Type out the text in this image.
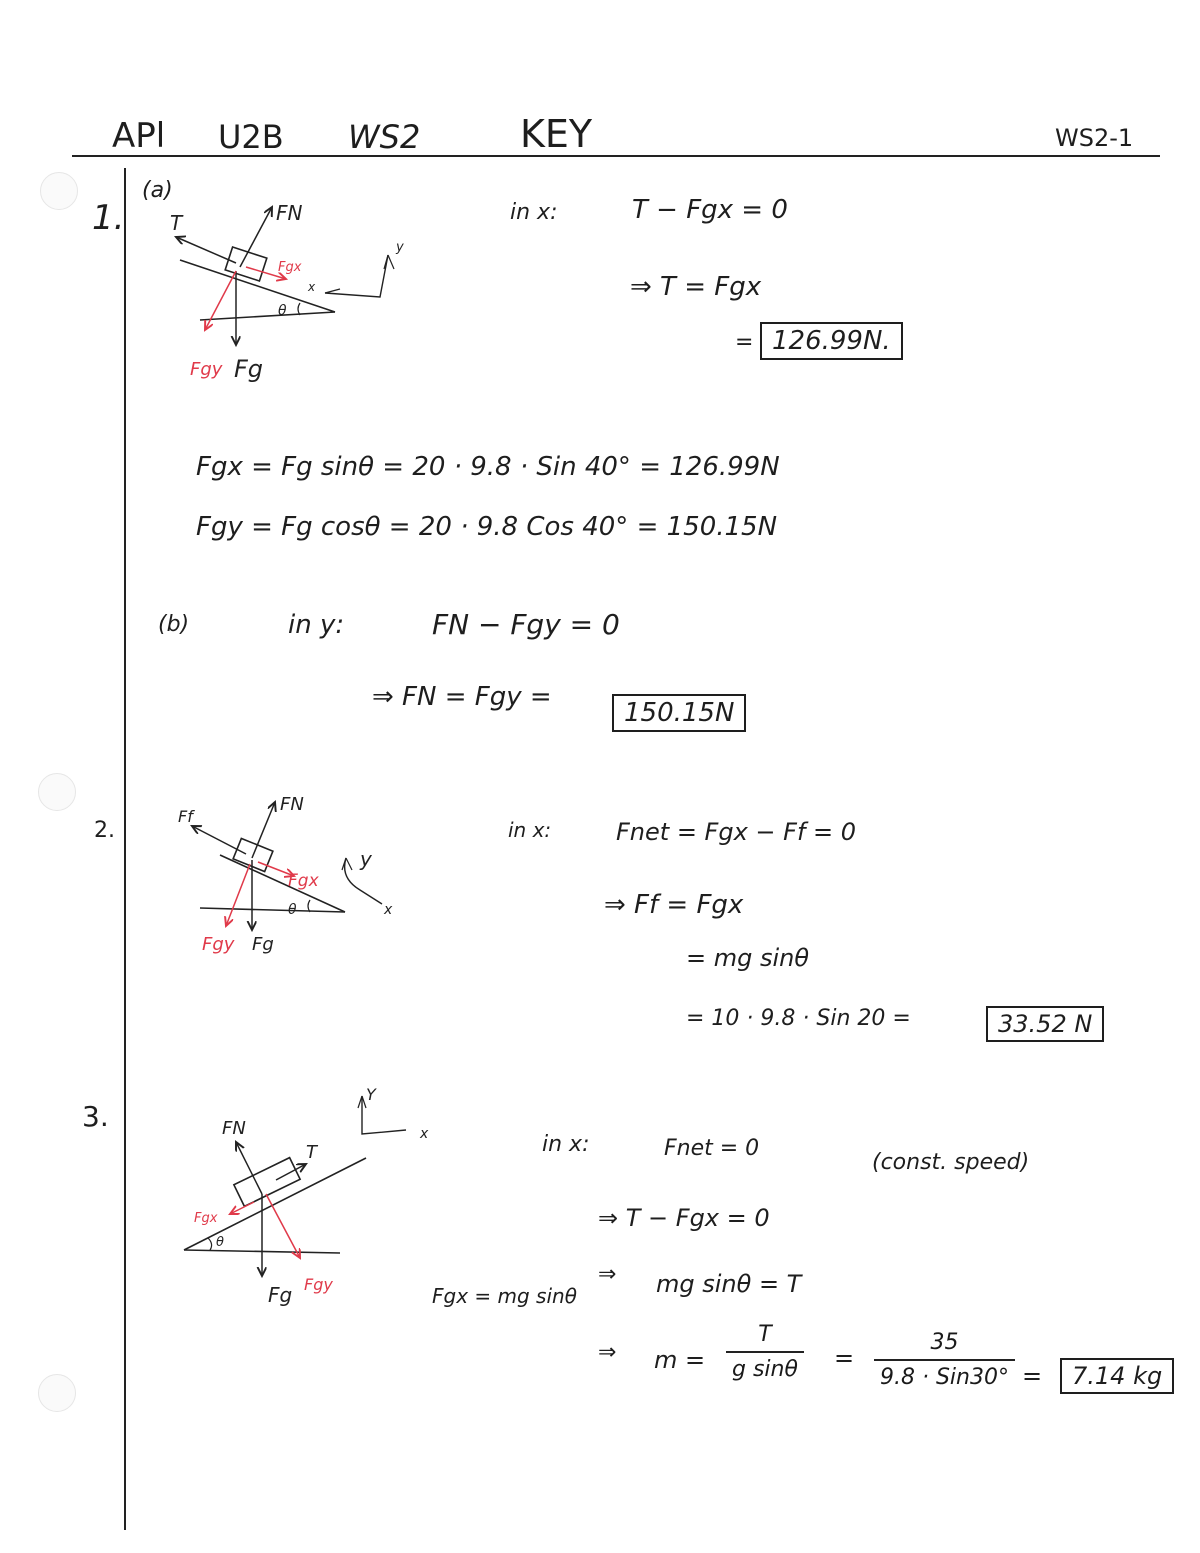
APl U2B WS2	KEY	WS2-1
1.
2.
3.
(a)
FN
T
Fgx
x
y
θ
Fgy Fg
in x:	T − Fgx = 0
⇒ T = Fgx
= 126.99N.
Fgx = Fg sinθ = 20 · 9.8 · Sin 40° = 126.99N
Fgy = Fg cosθ = 20 · 9.8 Cos 40° = 150.15N
(b)	in y:	FN − Fgy = 0
⇒ FN = Fgy =
150.15N
Ff
FN
Fgx
y
x
θ
Fgy Fg
in x:	Fnet = Fgx − Ff = 0
⇒ Ff = Fgx
= mg sinθ
= 10 · 9.8 · Sin 20 =	33.52 N
Y
x
FN
T
Fgx
θ
Fg Fgy
in x:	Fnet = 0
(const. speed)
⇒ T − Fgx = 0
⇒ mg sinθ = T
Fgx = mg sinθ
⇒ m =
T
g sinθ =
35
9.8 · Sin30° =	7.14 kg
